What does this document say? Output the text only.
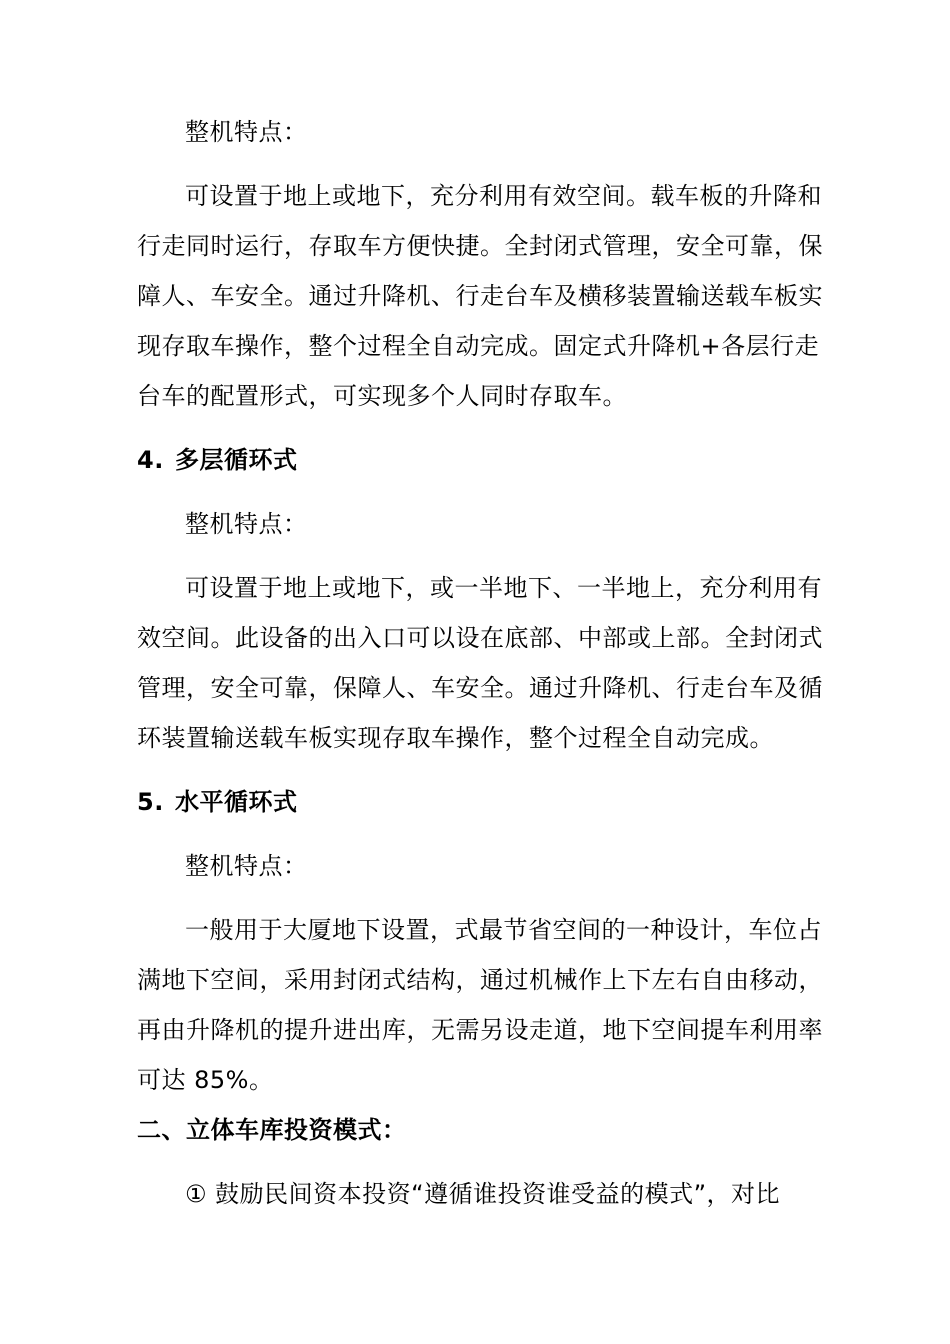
整机特点：
可设置于地上或地下，充分利用有效空间。载车板的升降和
行走同时运行，存取车方便快捷。全封闭式管理，安全可靠，保
障人、车安全。通过升降机、行走台车及横移装置输送载车板实
现存取车操作，整个过程全自动完成。固定式升降机+各层行走
台车的配置形式，可实现多个人同时存取车。
4. 多层循环式
整机特点：
可设置于地上或地下，或一半地下、一半地上，充分利用有
效空间。此设备的出入口可以设在底部、中部或上部。全封闭式
管理，安全可靠，保障人、车安全。通过升降机、行走台车及循
环装置输送载车板实现存取车操作，整个过程全自动完成。
5. 水平循环式
整机特点：
一般用于大厦地下设置，式最节省空间的一种设计，车位占
满地下空间，采用封闭式结构，通过机械作上下左右自由移动，
再由升降机的提升进出库，无需另设走道，地下空间提车利用率
可达 85%。
二、立体车库投资模式：
① 鼓励民间资本投资“遵循谁投资谁受益的模式”，对比
